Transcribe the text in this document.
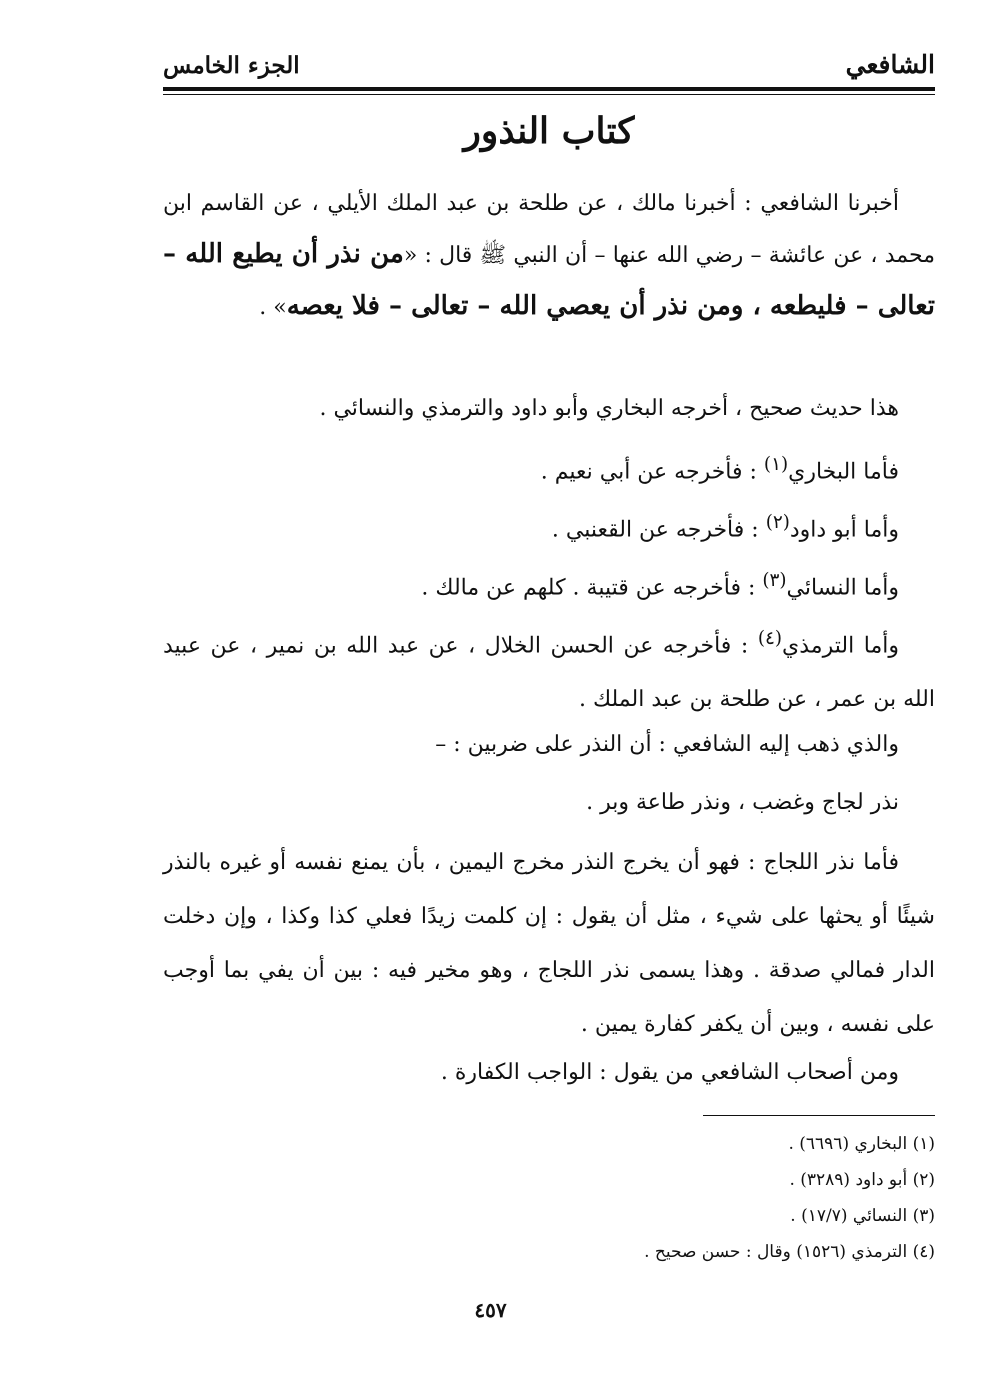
الشافعي
الجزء الخامس
كتاب النذور

أخبرنا الشافعي : أخبرنا مالك ، عن طلحة بن عبد الملك الأيلي ، عن القاسم ابن محمد ، عن عائشة – رضي الله عنها – أن النبي ﷺ قال : «من نذر أن يطيع الله – تعالى – فليطعه ، ومن نذر أن يعصي الله – تعالى – فلا يعصه» .

هذا حديث صحيح ، أخرجه البخاري وأبو داود والترمذي والنسائي .

فأما البخاري$^{(١)}$ : فأخرجه عن أبي نعيم .

وأما أبو داود$^{(٢)}$ : فأخرجه عن القعنبي .

وأما النسائي$^{(٣)}$ : فأخرجه عن قتيبة . كلهم عن مالك .

وأما الترمذي$^{(٤)}$ : فأخرجه عن الحسن الخلال ، عن عبد الله بن نمير ، عن عبيد الله بن عمر ، عن طلحة بن عبد الملك .

والذي ذهب إليه الشافعي : أن النذر على ضربين : –

نذر لجاج وغضب ، ونذر طاعة وبر .

فأما نذر اللجاج : فهو أن يخرج النذر مخرج اليمين ، بأن يمنع نفسه أو غيره بالنذر شيئًا أو يحثها على شيء ، مثل أن يقول : إن كلمت زيدًا فعلي كذا وكذا ، وإن دخلت الدار فمالي صدقة . وهذا يسمى نذر اللجاج ، وهو مخير فيه : بين أن يفي بما أوجب على نفسه ، وبين أن يكفر كفارة يمين .

ومن أصحاب الشافعي من يقول : الواجب الكفارة .

(١) البخاري (٦٦٩٦) .
(٢) أبو داود (٣٢٨٩) .
(٣) النسائي (١٧/٧) .
(٤) الترمذي (١٥٢٦) وقال : حسن صحيح .
٤٥٧
